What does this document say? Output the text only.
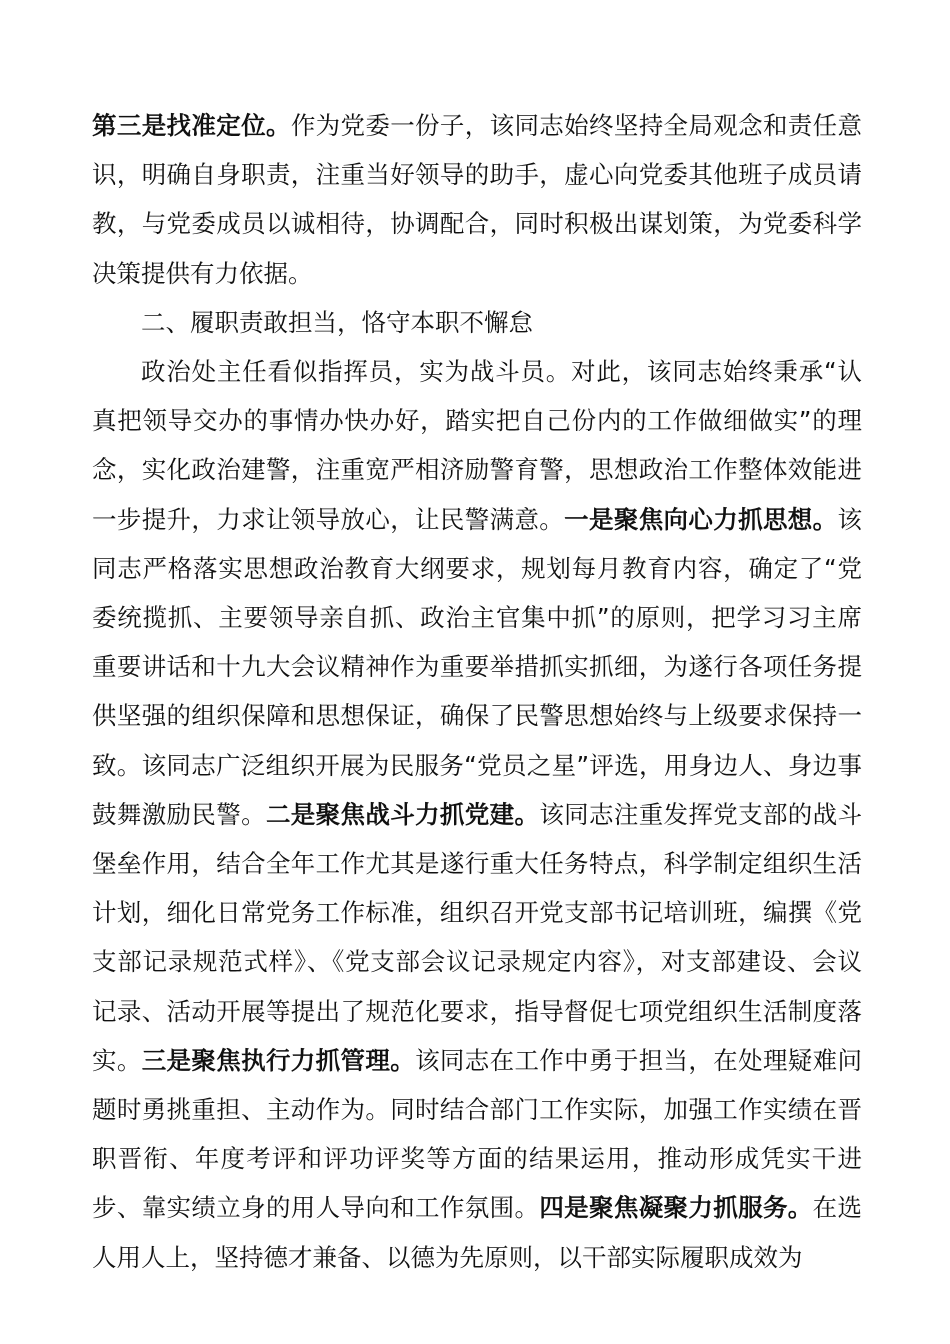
第三是找准定位。作为党委一份子，该同志始终坚持全局观念和责任意识，明确自身职责，注重当好领导的助手，虚心向党委其他班子成员请教，与党委成员以诚相待，协调配合，同时积极出谋划策，为党委科学决策提供有力依据。

二、履职责敢担当，恪守本职不懈怠

政治处主任看似指挥员，实为战斗员。对此，该同志始终秉承“认真把领导交办的事情办快办好，踏实把自己份内的工作做细做实”的理念，实化政治建警，注重宽严相济励警育警，思想政治工作整体效能进一步提升，力求让领导放心，让民警满意。一是聚焦向心力抓思想。该同志严格落实思想政治教育大纲要求，规划每月教育内容，确定了“党委统揽抓、主要领导亲自抓、政治主官集中抓”的原则，把学习习主席重要讲话和十九大会议精神作为重要举措抓实抓细，为遂行各项任务提供坚强的组织保障和思想保证，确保了民警思想始终与上级要求保持一致。该同志广泛组织开展为民服务“党员之星”评选，用身边人、身边事鼓舞激励民警。二是聚焦战斗力抓党建。该同志注重发挥党支部的战斗堡垒作用，结合全年工作尤其是遂行重大任务特点，科学制定组织生活计划，细化日常党务工作标准，组织召开党支部书记培训班，编撰《党支部记录规范式样》、《党支部会议记录规定内容》，对支部建设、会议记录、活动开展等提出了规范化要求，指导督促七项党组织生活制度落实。三是聚焦执行力抓管理。该同志在工作中勇于担当，在处理疑难问题时勇挑重担、主动作为。同时结合部门工作实际，加强工作实绩在晋职晋衔、年度考评和评功评奖等方面的结果运用，推动形成凭实干进步、靠实绩立身的用人导向和工作氛围。四是聚焦凝聚力抓服务。在选人用人上，坚持德才兼备、以德为先原则，以干部实际履职成效为
